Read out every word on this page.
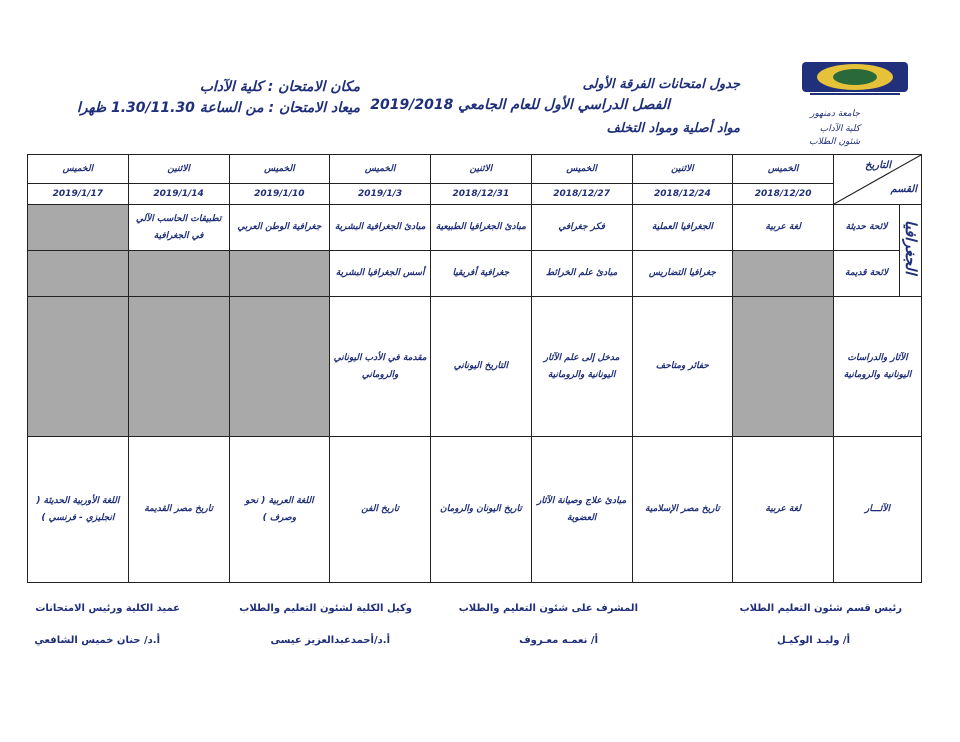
جامعة دمنهور
كلية الآداب
شئون الطلاب
جدول امتحانات الفرقة الأولى
الفصل الدراسي الأول للعام الجامعي 2019/2018
مواد أصلية ومواد التخلف
مكان الامتحان : كلية الآداب
ميعاد الامتحان : من الساعة 1.30/11.30 ظهرا
التاريخ
القسم		الخميس	الاثنين	الخميس	الاثنين	الخميس	الخميس	الاثنين	الخميس
		2018/12/20	2018/12/24	2018/12/27	2018/12/31	2019/1/3	2019/1/10	2019/1/14	2019/1/17
الجغرافيا	لائحة حديثة	لغة عربية	الجغرافيا العملية	فكر جغرافي	مبادئ الجغرافيا الطبيعية	مبادئ الجغرافية البشرية	جغرافية الوطن العربي	تطبيقات الحاسب الآلي في الجغرافية	
	لائحة قديمة		جغرافيا التضاريس	مبادئ علم الخرائط	جغرافية أفريقيا	أسس الجغرافيا البشرية			
الآثار والدراسات اليونانية والرومانية			حفائر ومتاحف	مدخل إلى علم الآثار اليونانية والرومانية	التاريخ اليوناني	مقدمة في الأدب اليوناني والروماني			
الآثـــار		لغة عربية	تاريخ مصر الإسلامية	مبادئ علاج وصيانة الآثار العضوية	تاريخ اليونان والرومان	تاريخ الفن	اللغة العربية ( نحو وصرف )	تاريخ مصر القديمة	اللغة الأوربية الحديثة ( انجليزي - فرنسي )
رئيس قسم شئون التعليم الطلاب
المشرف على شئون التعليم والطلاب
وكيل الكلية لشئون التعليم والطلاب
عميد الكلية ورئيس الامتحانات
أ/ وليـد الوكيـل
أ/ نعمـه معـروف
أ.د/أحمدعبدالعزيز عيسى
أ.د/ حنان خميس الشافعي
